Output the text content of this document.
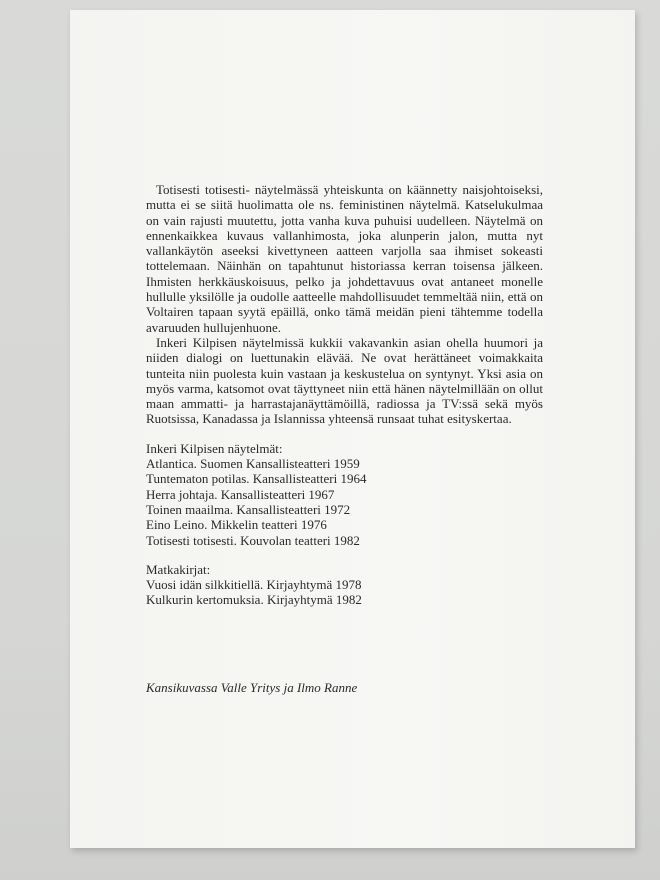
Totisesti totisesti- näytelmässä yhteiskunta on käännetty naisjohtoiseksi, mutta ei se siitä huolimatta ole ns. feministinen näytelmä. Katselukulmaa on vain rajusti muutettu, jotta vanha kuva puhuisi uudelleen. Näytelmä on ennenkaikkea kuvaus vallanhimosta, joka alunperin jalon, mutta nyt vallankäytön aseeksi kivettyneen aatteen varjolla saa ihmiset sokeasti tottelemaan. Näinhän on tapahtunut historiassa kerran toisensa jälkeen. Ihmisten herkkäuskoisuus, pelko ja johdettavuus ovat antaneet monelle hullulle yksilölle ja oudolle aatteelle mahdollisuudet temmeltää niin, että on Voltairen tapaan syytä epäillä, onko tämä meidän pieni tähtemme todella avaruuden hullujenhuone.

Inkeri Kilpisen näytelmissä kukkii vakavankin asian ohella huumori ja niiden dialogi on luettunakin elävää. Ne ovat herättäneet voimakkaita tunteita niin puolesta kuin vastaan ja keskustelua on syntynyt. Yksi asia on myös varma, katsomot ovat täyttyneet niin että hänen näytelmillään on ollut maan ammatti- ja harrastajanäyttämöillä, radiossa ja TV:ssä sekä myös Ruotsissa, Kanadassa ja Islannissa yhteensä runsaat tuhat esityskertaa.

Inkeri Kilpisen näytelmät:
Atlantica. Suomen Kansallisteatteri 1959
Tuntematon potilas. Kansallisteatteri 1964
Herra johtaja. Kansallisteatteri 1967
Toinen maailma. Kansallisteatteri 1972
Eino Leino. Mikkelin teatteri 1976
Totisesti totisesti. Kouvolan teatteri 1982
Matkakirjat:
Vuosi idän silkkitiellä. Kirjayhtymä 1978
Kulkurin kertomuksia. Kirjayhtymä 1982
Kansikuvassa Valle Yritys ja Ilmo Ranne
